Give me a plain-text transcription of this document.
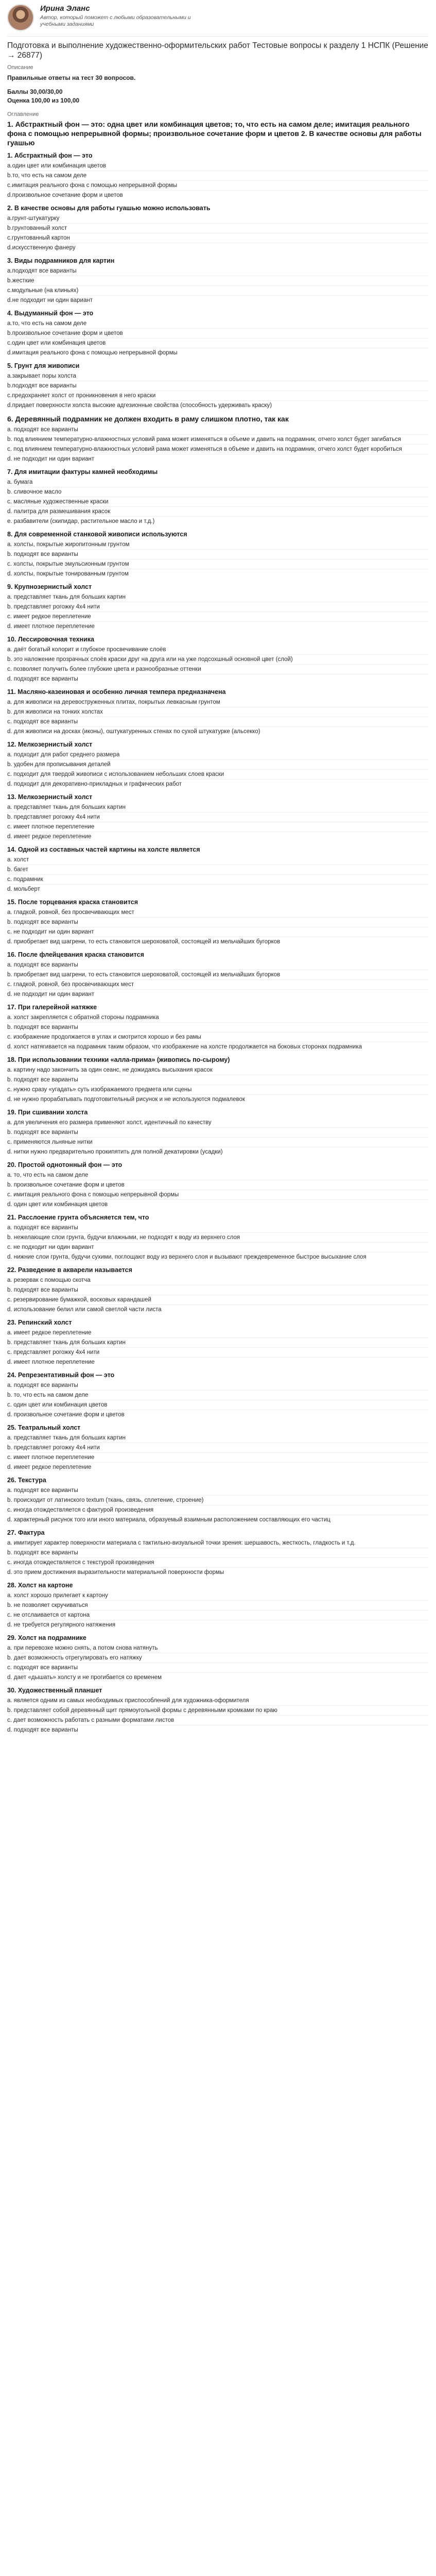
Ирина Эланс
Автор, который поможет с любыми образовательными и учебными заданиями
Подготовка и выполнение художественно-оформительских работ Тестовые вопросы к разделу 1 НСПК (Решение → 26877)
Описание
Правильные ответы на тест 30 вопросов.
Баллы 30,00/30,00
Оценка 100,00 из 100,00
Оглавление
1. Абстрактный фон — это: одна цвет или комбинация цветов; то, что есть на самом деле; имитация реального фона с помощью непрерывной формы; произвольное сочетание форм и цветов 2. В качестве основы для работы гуашью
1. Абстрактный фон — это
а.один цвет или комбинация цветов
b.то, что есть на самом деле
c.имитация реального фона с помощью непрерывной формы
d.произвольное сочетание форм и цветов
2. В качестве основы для работы гуашью можно использовать
а.грунт-штукатурку
b.грунтованный холст
c.грунтованный картон
d.искусственную фанеру
3. Виды подрамников для картин
а.подходят все варианты
b.жесткие
c.модульные (на клиньях)
d.не подходит ни один вариант
4. Выдуманный фон — это
а.то, что есть на самом деле
b.произвольное сочетание форм и цветов
c.один цвет или комбинация цветов
d.имитация реального фона с помощью непрерывной формы
5. Грунт для живописи
а.закрывает поры холста
b.подходят все варианты
c.предохраняет холст от проникновения в него краски
d.придает поверхности холста высокие адгезионные свойства (способность удерживать краску)
6. Деревянный подрамник не должен входить в раму слишком плотно, так как
а. подходят все варианты
b. под влиянием температурно-влажностных условий рама может изменяться в объеме и давить на подрамник, отчего холст будет загибаться
c. под влиянием температурно-влажностных условий рама может изменяться в объеме и давить на подрамник, отчего холст будет коробиться
d. не подходит ни один вариант
7. Для имитации фактуры камней необходимы
а. бумага
b. сливочное масло
c. масляные художественные краски
d. палитра для размешивания красок
e. разбавители (скипидар, растительное масло и т.д.)
8. Для современной станковой живописи используются
а. холсты, покрытые жиропитонным грунтом
b. подходят все варианты
c. холсты, покрытые эмульсионным грунтом
d. холсты, покрытые тонированным грунтом
9. Крупнозернистый холст
а. представляет ткань для больших картин
b. представляет рогожку 4х4 нити
c. имеет редкое переплетение
d. имеет плотное переплетение
10. Лессировочная техника
а. даёт богатый колорит и глубокое просвечивание слоёв
b. это наложение прозрачных слоёв краски друг на друга или на уже подсохшный основной цвет (слой)
c. позволяет получить более глубокие цвета и разнообразные оттенки
d. подходят все варианты
11. Масляно-казеиновая и особенно личная темпера предназначена
а. для живописи на деревоструженных плитах, покрытых левкасным грунтом
b. для живописи на тонких холстах
c. подходят все варианты
d. для живописи на досках (иконы), оштукатуренных стенах по сухой штукатурке (альсекко)
12. Мелкозернистый холст
а. подходит для работ среднего размера
b. удобен для прописывания деталей
c. подходит для твердой живописи с использованием небольших слоев краски
d. подходит для декоративно-прикладных и графических работ
13. Мелкозернистый холст
а. представляет ткань для больших картин
b. представляет рогожку 4х4 нити
c. имеет плотное переплетение
d. имеет редкое переплетение
14. Одной из составных частей картины на холсте является
а. холст
b. багет
c. подрамник
d. мольберт
15. После торцевания краска становится
а. гладкой, ровной, без просвечивающих мест
b. подходят все варианты
c. не подходит ни один вариант
d. приобретает вид шагрени, то есть становится шероховатой, состоящей из мельчайших бугорков
16. После флейцевания краска становится
а. подходят все варианты
b. приобретает вид шагрени, то есть становится шероховатой, состоящей из мельчайших бугорков
c. гладкой, ровной, без просвечивающих мест
d. не подходит ни один вариант
17. При галерейной натяжке
а. холст закрепляется с обратной стороны подрамника
b. подходят все варианты
c. изображение продолжается в углах и смотрится хорошо и без рамы
d. холст натягивается на подрамник таким образом, что изображение на холсте продолжается на боковых сторонах подрамника
18. При использовании техники «алла-прима» (живопись по-сырому)
а. картину надо закончить за один сеанс, не дожидаясь высыхания красок
b. подходят все варианты
c. нужно сразу «угадать» суть изображаемого предмета или сцены
d. не нужно прорабатывать подготовительный рисунок и не используются подмалевок
19. При сшивании холста
а. для увеличения его размера применяют холст, идентичный по качеству
b. подходят все варианты
c. применяются льняные нитки
d. нитки нужно предварительно прокипятить для полной декатировки (усадки)
20. Простой однотонный фон — это
а. то, что есть на самом деле
b. произвольное сочетание форм и цветов
c. имитация реального фона с помощью непрерывной формы
d. один цвет или комбинация цветов
21. Расслоение грунта объясняется тем, что
а. подходят все варианты
b. нежелающие слои грунта, будучи влажными, не подходят к воду из верхнего слоя
c. не подходит ни один вариант
d. нижние слои грунта, будучи сухими, поглощают воду из верхнего слоя и вызывают преждевременное быстрое высыхание слоя
22. Разведение в акварели называется
а. резервак с помощью скотча
b. подходят все варианты
c. резервирование бумажкой, восковых карандашей
d. использование белил или самой светлой части листа
23. Репинский холст
а. имеет редкое переплетение
b. представляет ткань для больших картин
c. представляет рогожку 4х4 нити
d. имеет плотное переплетение
24. Репрезентативный фон — это
а. подходят все варианты
b. то, что есть на самом деле
c. один цвет или комбинация цветов
d. произвольное сочетание форм и цветов
25. Театральный холст
а. представляет ткань для больших картин
b. представляет рогожку 4х4 нити
c. имеет плотное переплетение
d. имеет редкое переплетение
26. Текстура
а. подходят все варианты
b. происходит от латинского textum (ткань, связь, сплетение, строение)
c. иногда отождествляется с фактурой произведения
d. характерный рисунок того или иного материала, образуемый взаимным расположением составляющих его частиц
27. Фактура
а. имитирует характер поверхности материала с тактильно-визуальной точки зрения: шершавость, жесткость, гладкость и т.д.
b. подходят все варианты
c. иногда отождествляется с текстурой произведения
d. это прием достижения выразительности материальной поверхности формы
28. Холст на картоне
а. холст хорошо прилегает к картону
b. не позволяет скручиваться
c. не отслаивается от картона
d. не требуется регулярного натяжения
29. Холст на подрамнике
а. при перевозке можно снять, а потом снова натянуть
b. дает возможность отрегулировать его натяжку
c. подходят все варианты
d. дает «дышать» холсту и не прогибается со временем
30. Художественный планшет
а. является одним из самых необходимых приспособлений для художника-оформителя
b. представляет собой деревянный щит прямоугольной формы с деревянными кромками по краю
c. дает возможность работать с разными форматами листов
d. подходят все варианты
